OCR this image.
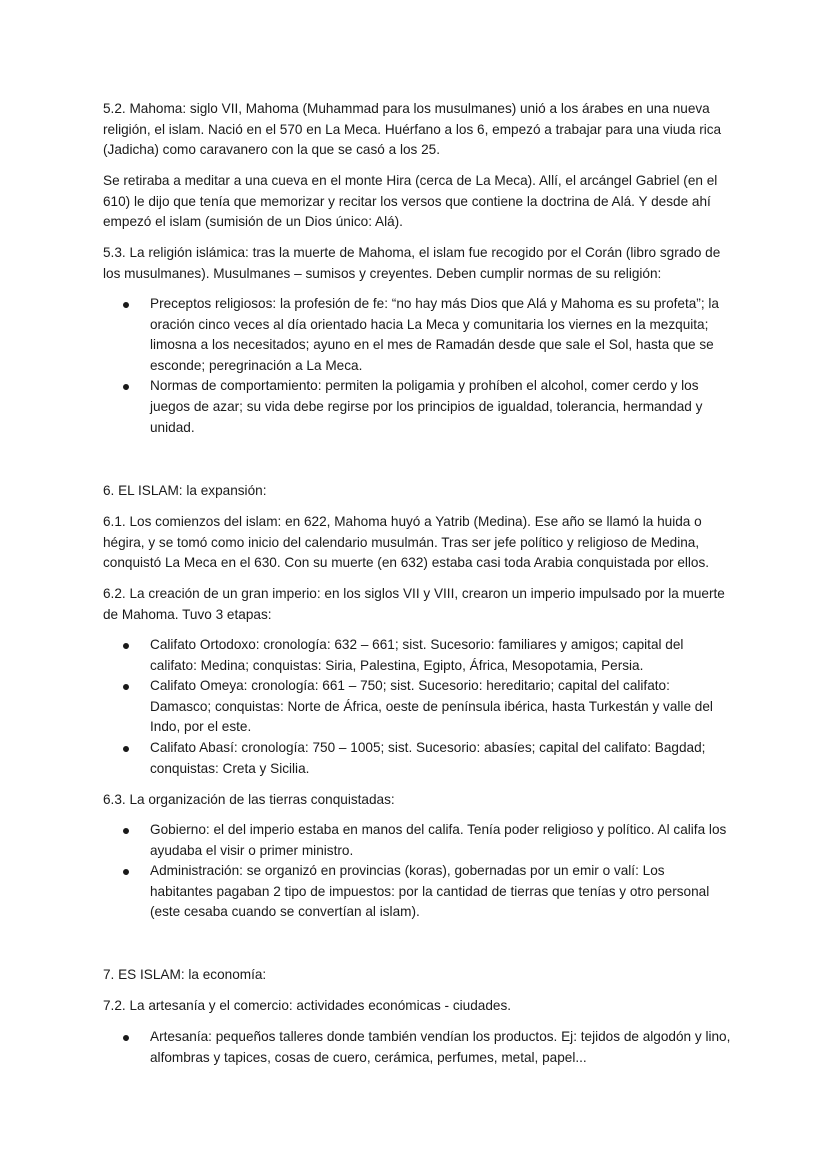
5.2. Mahoma: siglo VII, Mahoma (Muhammad para los musulmanes) unió a los árabes en una nueva religión, el islam. Nació en el 570 en La Meca. Huérfano a los 6, empezó a trabajar para una viuda rica (Jadicha) como caravanero con la que se casó a los 25.

Se retiraba a meditar a una cueva en el monte Hira (cerca de La Meca). Allí, el arcángel Gabriel (en el 610) le dijo que tenía que memorizar y recitar los versos que contiene la doctrina de Alá. Y desde ahí empezó el islam (sumisión de un Dios único: Alá).

5.3. La religión islámica: tras la muerte de Mahoma, el islam fue recogido por el Corán (libro sgrado de los musulmanes). Musulmanes – sumisos y creyentes. Deben cumplir normas de su religión:

Preceptos religiosos: la profesión de fe: “no hay más Dios que Alá y Mahoma es su profeta”; la oración cinco veces al día orientado hacia La Meca y comunitaria los viernes en la mezquita; limosna a los necesitados; ayuno en el mes de Ramadán desde que sale el Sol, hasta que se esconde; peregrinación a La Meca.
Normas de comportamiento: permiten la poligamia y prohíben el alcohol, comer cerdo y los juegos de azar; su vida debe regirse por los principios de igualdad, tolerancia, hermandad y unidad.

6. EL ISLAM: la expansión:

6.1. Los comienzos del islam: en 622, Mahoma huyó a Yatrib (Medina). Ese año se llamó la huida o hégira, y se tomó como inicio del calendario musulmán. Tras ser jefe político y religioso de Medina, conquistó La Meca en el 630. Con su muerte (en 632) estaba casi toda Arabia conquistada por ellos.

6.2. La creación de un gran imperio: en los siglos VII y VIII, crearon un imperio impulsado por la muerte de Mahoma. Tuvo 3 etapas:

Califato Ortodoxo: cronología: 632 – 661; sist. Sucesorio: familiares y amigos; capital del califato: Medina; conquistas: Siria, Palestina, Egipto, África, Mesopotamia, Persia.
Califato Omeya: cronología: 661 – 750; sist. Sucesorio: hereditario; capital del califato: Damasco; conquistas: Norte de África, oeste de península ibérica, hasta Turkestán y valle del Indo, por el este.
Califato Abasí: cronología: 750 – 1005; sist. Sucesorio: abasíes; capital del califato: Bagdad; conquistas: Creta y Sicilia.

6.3. La organización de las tierras conquistadas:

Gobierno: el del imperio estaba en manos del califa. Tenía poder religioso y político. Al califa los ayudaba el visir o primer ministro.
Administración: se organizó en provincias (koras), gobernadas por un emir o valí: Los habitantes pagaban 2 tipo de impuestos: por la cantidad de tierras que tenías y otro personal (este cesaba cuando se convertían al islam).

7. ES ISLAM: la economía:

7.2. La artesanía y el comercio: actividades económicas - ciudades.

Artesanía: pequeños talleres donde también vendían los productos. Ej: tejidos de algodón y lino, alfombras y tapices, cosas de cuero, cerámica, perfumes, metal, papel...
